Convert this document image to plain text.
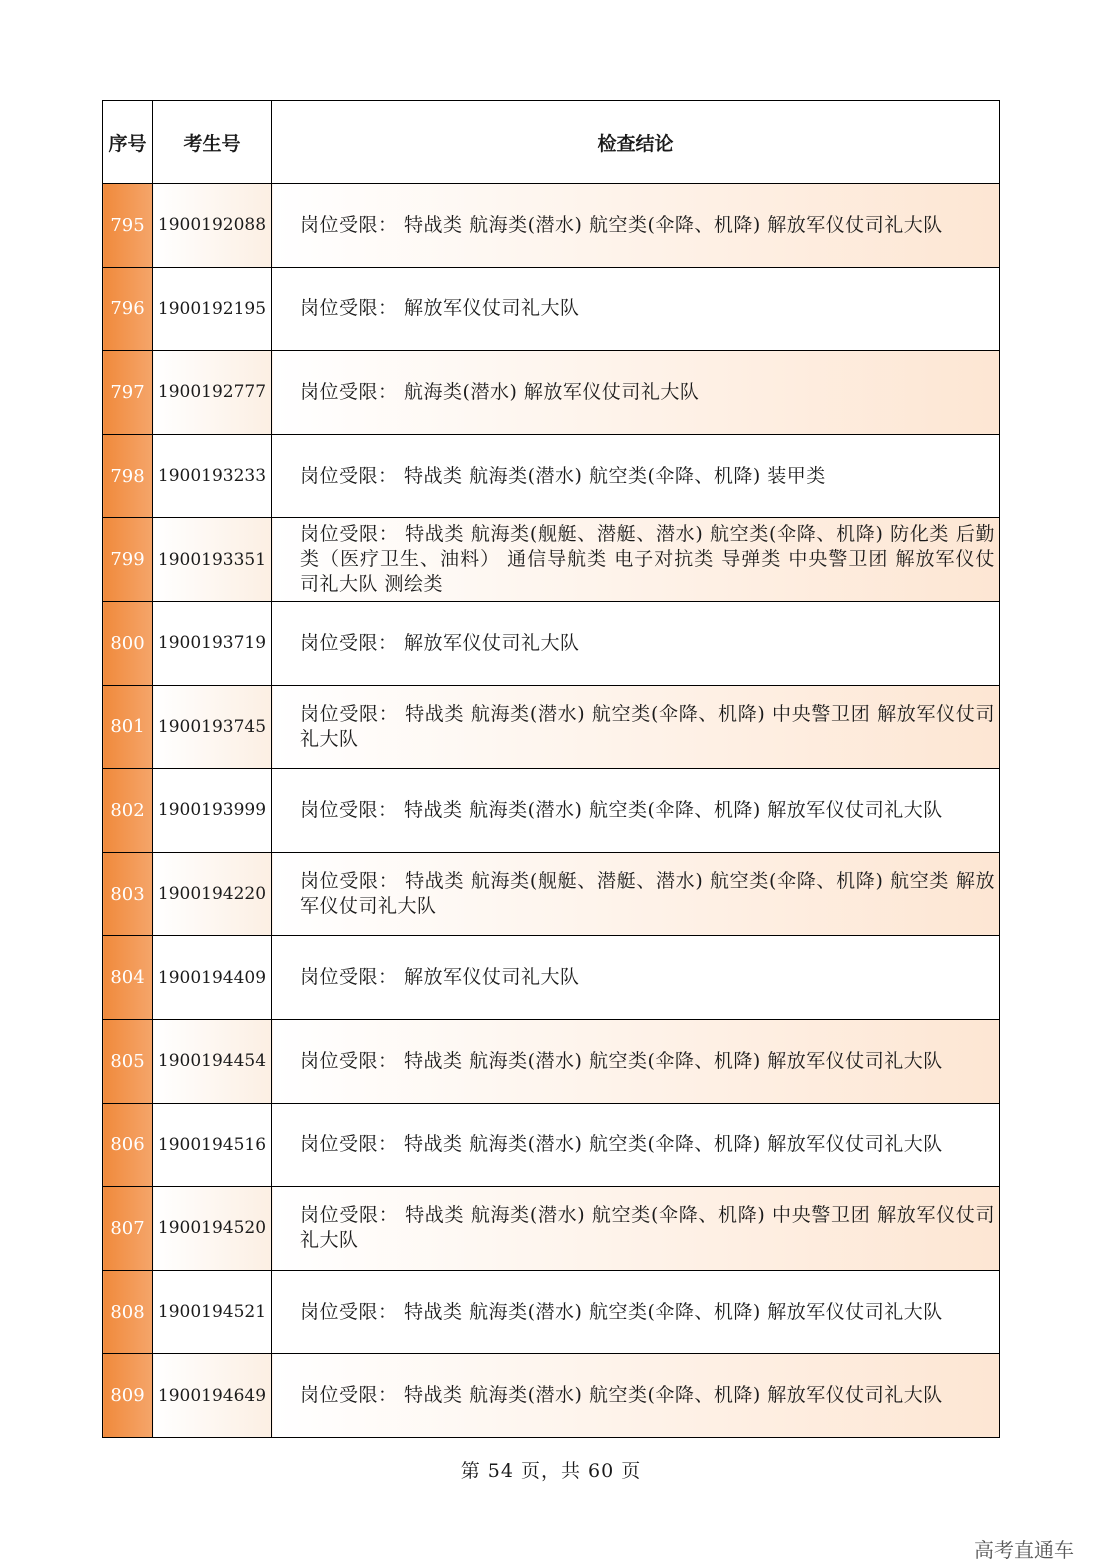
序号	考生号	检查结论
795	1900192088	岗位受限： 特战类 航海类(潜水) 航空类(伞降、机降) 解放军仪仗司礼大队
796	1900192195	岗位受限： 解放军仪仗司礼大队
797	1900192777	岗位受限： 航海类(潜水) 解放军仪仗司礼大队
798	1900193233	岗位受限： 特战类 航海类(潜水) 航空类(伞降、机降) 装甲类
799	1900193351	岗位受限： 特战类 航海类(舰艇、潜艇、潜水) 航空类(伞降、机降) 防化类 后勤类（医疗卫生、油料） 通信导航类 电子对抗类 导弹类 中央警卫团 解放军仪仗司礼大队 测绘类
800	1900193719	岗位受限： 解放军仪仗司礼大队
801	1900193745	岗位受限： 特战类 航海类(潜水) 航空类(伞降、机降) 中央警卫团 解放军仪仗司礼大队
802	1900193999	岗位受限： 特战类 航海类(潜水) 航空类(伞降、机降) 解放军仪仗司礼大队
803	1900194220	岗位受限： 特战类 航海类(舰艇、潜艇、潜水) 航空类(伞降、机降) 航空类 解放军仪仗司礼大队
804	1900194409	岗位受限： 解放军仪仗司礼大队
805	1900194454	岗位受限： 特战类 航海类(潜水) 航空类(伞降、机降) 解放军仪仗司礼大队
806	1900194516	岗位受限： 特战类 航海类(潜水) 航空类(伞降、机降) 解放军仪仗司礼大队
807	1900194520	岗位受限： 特战类 航海类(潜水) 航空类(伞降、机降) 中央警卫团 解放军仪仗司礼大队
808	1900194521	岗位受限： 特战类 航海类(潜水) 航空类(伞降、机降) 解放军仪仗司礼大队
809	1900194649	岗位受限： 特战类 航海类(潜水) 航空类(伞降、机降) 解放军仪仗司礼大队
第 54 页，共 60 页
高考直通车
